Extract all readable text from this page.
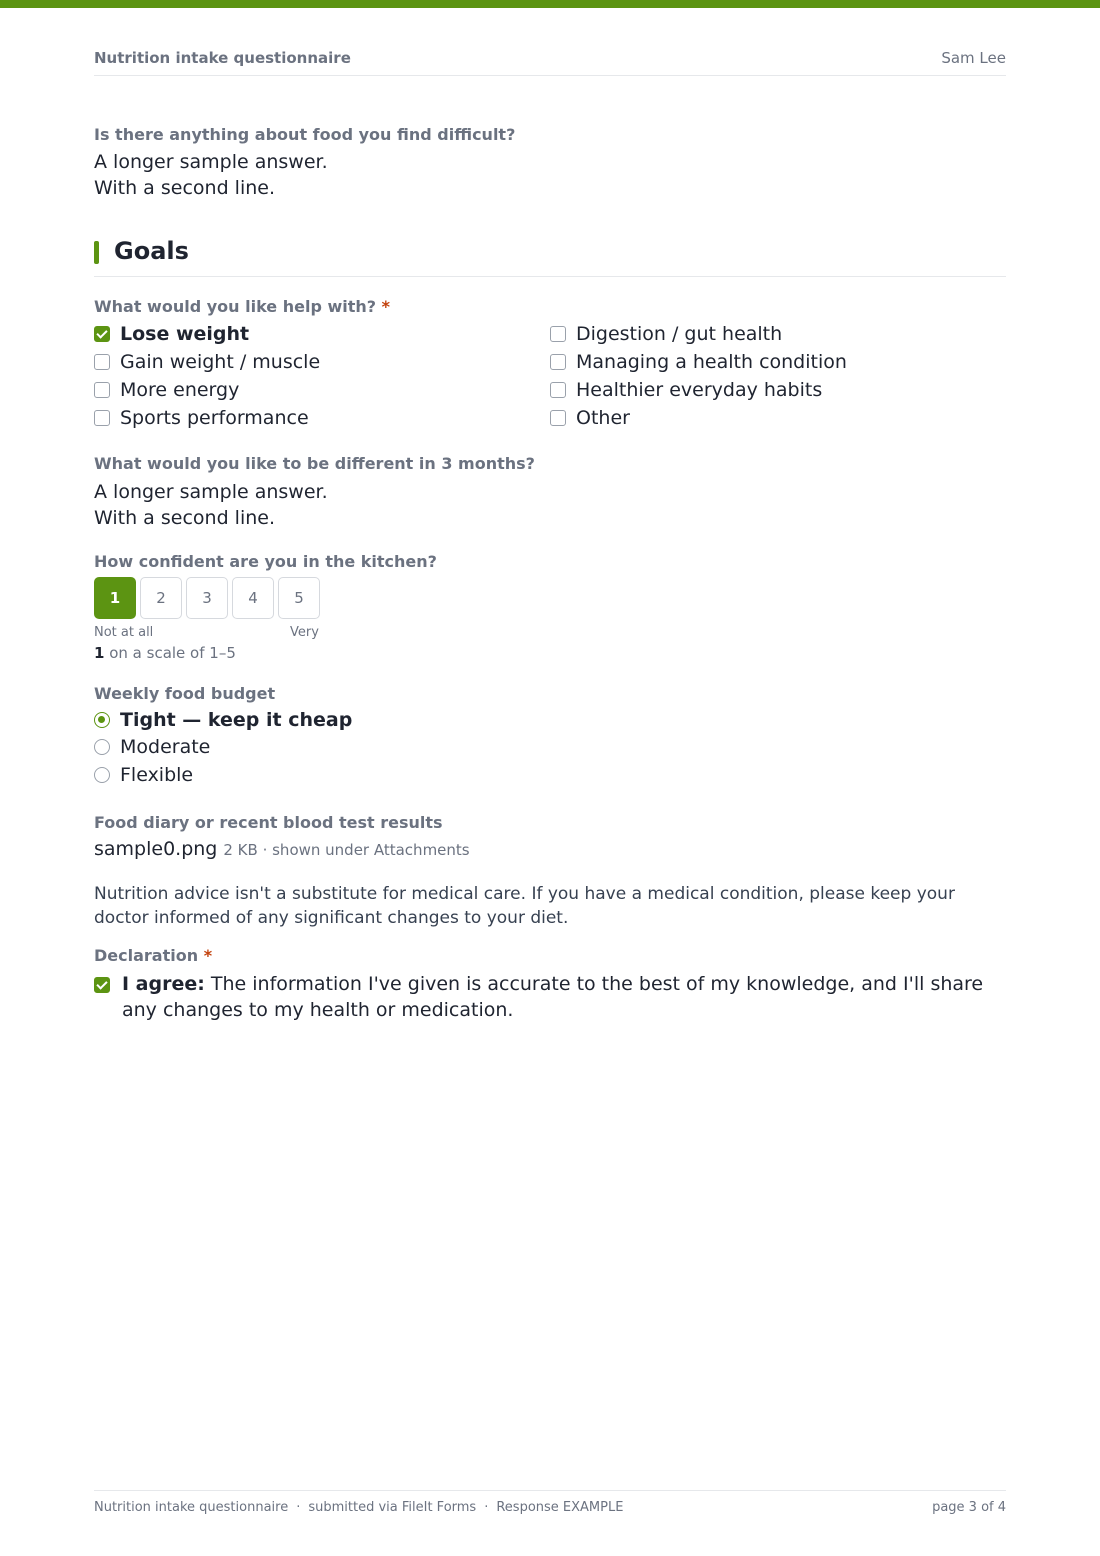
Nutrition intake questionnaire	Sam Lee
Is there anything about food you find difficult?
A longer sample answer.
With a second line.
Goals
What would you like help with? *
Lose weight
Gain weight / muscle
More energy
Sports performance
Digestion / gut health
Managing a health condition
Healthier everyday habits
Other
What would you like to be different in 3 months?
A longer sample answer.
With a second line.
How confident are you in the kitchen?
1	2	3	4	5
Not at all	Very
1 on a scale of 1–5
Weekly food budget
Tight — keep it cheap
Moderate
Flexible
Food diary or recent blood test results
sample0.png 2 KB · shown under Attachments
Nutrition advice isn't a substitute for medical care. If you have a medical condition, please keep your doctor informed of any significant changes to your diet.
Declaration *
I agree: The information I've given is accurate to the best of my knowledge, and I'll share any changes to my health or medication.
Nutrition intake questionnaire · submitted via FileIt Forms · Response EXAMPLE	page 3 of 4
